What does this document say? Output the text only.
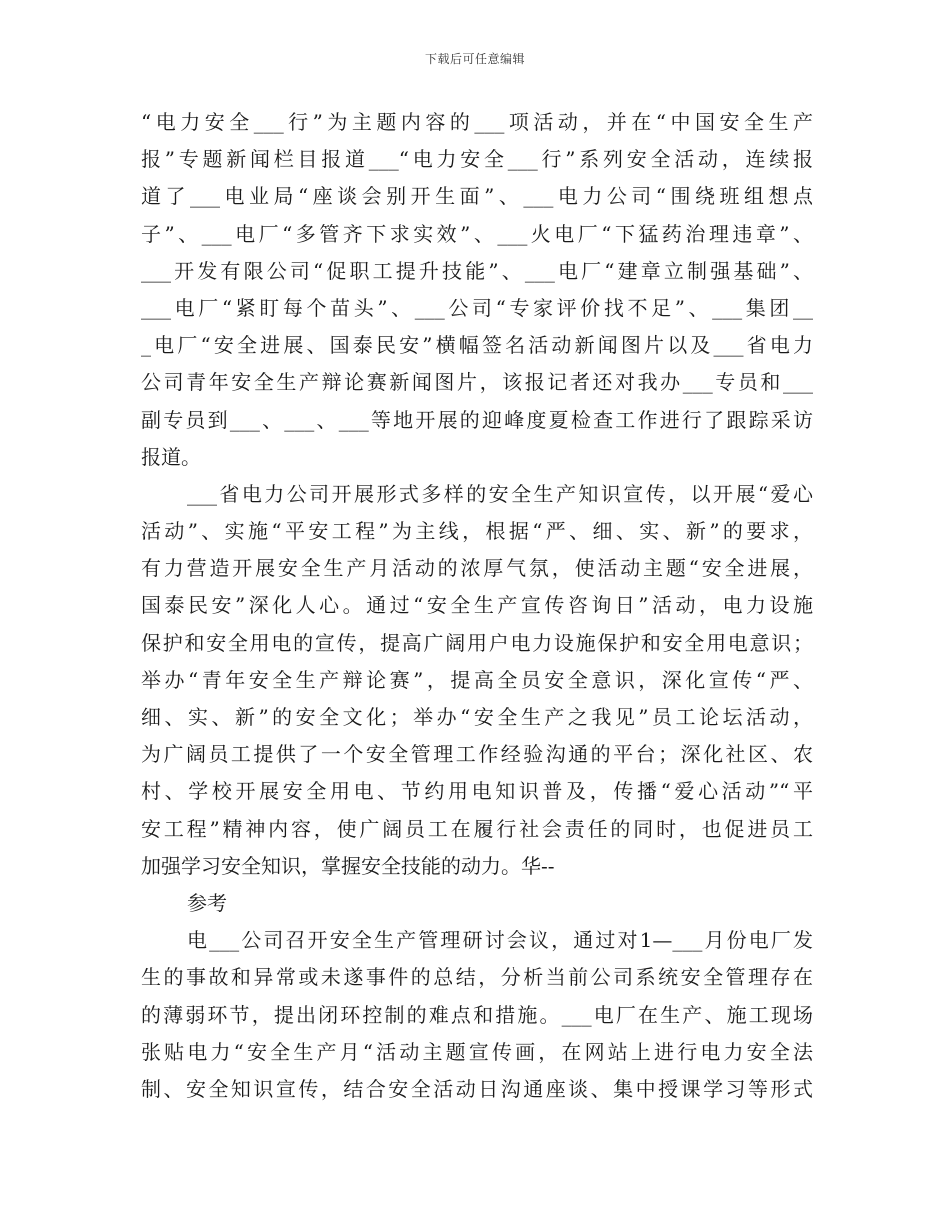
下载后可任意编辑
“电力安全___行”为主题内容的___项活动，并在“中国安全生产
报”专题新闻栏目报道___“电力安全___行”系列安全活动，连续报
道了___电业局“座谈会别开生面”、___电力公司“围绕班组想点
子”、___电厂“多管齐下求实效”、___火电厂“下猛药治理违章”、
___开发有限公司“促职工提升技能”、___电厂“建章立制强基础”、
___电厂“紧盯每个苗头”、___公司“专家评价找不足”、___集团__
_电厂“安全进展、国泰民安”横幅签名活动新闻图片以及___省电力
公司青年安全生产辩论赛新闻图片，该报记者还对我办___专员和___
副专员到___、___、___等地开展的迎峰度夏检查工作进行了跟踪采访
报道。
___省电力公司开展形式多样的安全生产知识宣传，以开展“爱心
活动”、实施“平安工程”为主线，根据“严、细、实、新”的要求，
有力营造开展安全生产月活动的浓厚气氛，使活动主题“安全进展，
国泰民安”深化人心。通过“安全生产宣传咨询日”活动，电力设施
保护和安全用电的宣传，提高广阔用户电力设施保护和安全用电意识；
举办“青年安全生产辩论赛”，提高全员安全意识，深化宣传“严、
细、实、新”的安全文化；举办“安全生产之我见”员工论坛活动，
为广阔员工提供了一个安全管理工作经验沟通的平台；深化社区、农
村、学校开展安全用电、节约用电知识普及，传播“爱心活动”“平
安工程”精神内容，使广阔员工在履行社会责任的同时，也促进员工
加强学习安全知识，掌握安全技能的动力。华--
参考
电___公司召开安全生产管理研讨会议，通过对1—___月份电厂发
生的事故和异常或未遂事件的总结，分析当前公司系统安全管理存在
的薄弱环节，提出闭环控制的难点和措施。___电厂在生产、施工现场
张贴电力“安全生产月“活动主题宣传画，在网站上进行电力安全法
制、安全知识宣传，结合安全活动日沟通座谈、集中授课学习等形式
